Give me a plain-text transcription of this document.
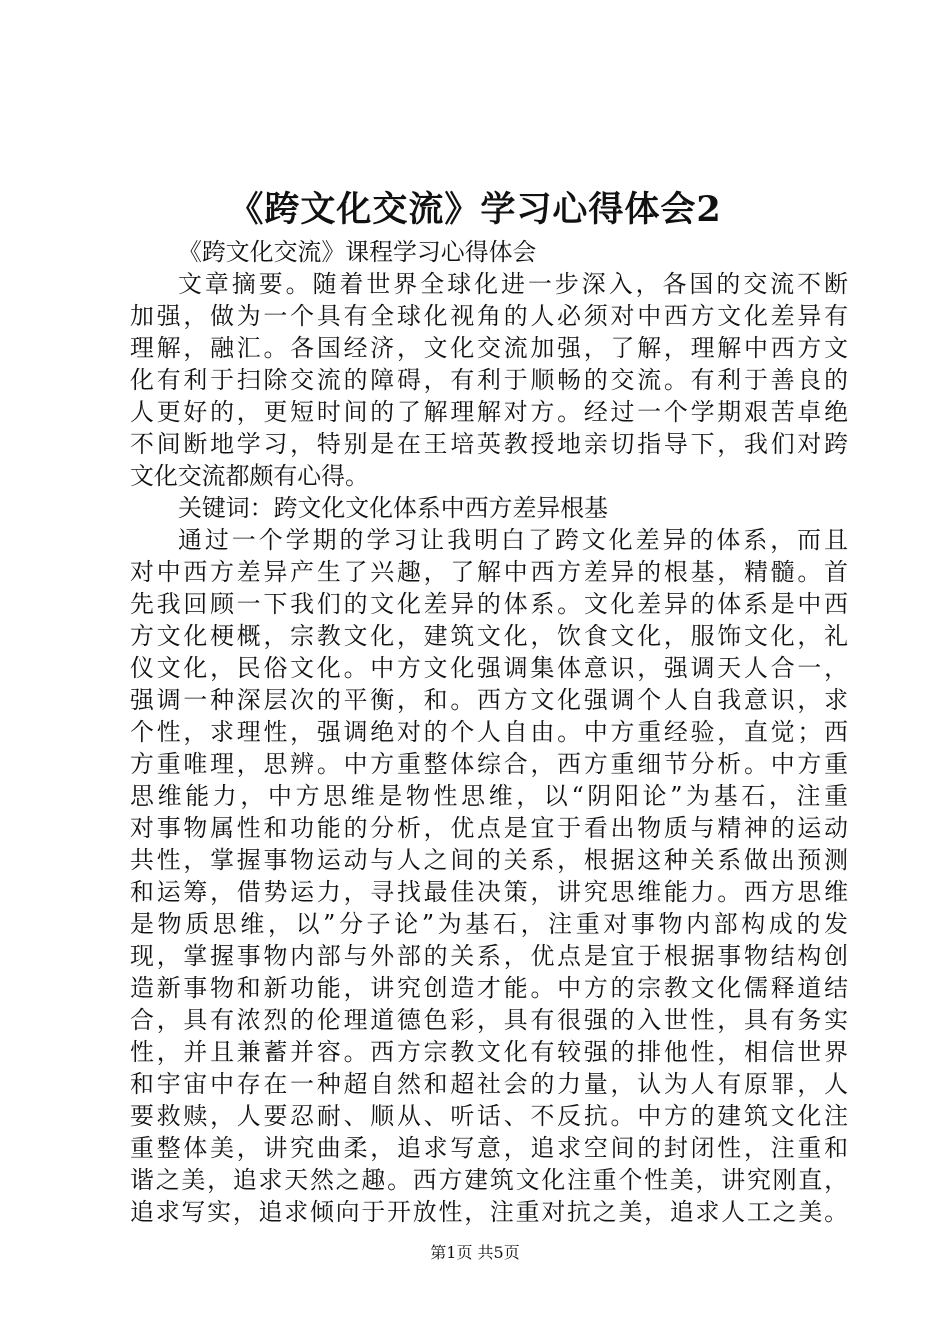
《跨文化交流》学习心得体会2
《跨文化交流》课程学习心得体会
文章摘要。随着世界全球化进一步深入，各国的交流不断
加强，做为一个具有全球化视角的人必须对中西方文化差异有
理解，融汇。各国经济，文化交流加强，了解，理解中西方文
化有利于扫除交流的障碍，有利于顺畅的交流。有利于善良的
人更好的，更短时间的了解理解对方。经过一个学期艰苦卓绝
不间断地学习，特别是在王培英教授地亲切指导下，我们对跨
文化交流都颇有心得。
关键词：跨文化文化体系中西方差异根基
通过一个学期的学习让我明白了跨文化差异的体系，而且
对中西方差异产生了兴趣，了解中西方差异的根基，精髓。首
先我回顾一下我们的文化差异的体系。文化差异的体系是中西
方文化梗概，宗教文化，建筑文化，饮食文化，服饰文化，礼
仪文化，民俗文化。中方文化强调集体意识，强调天人合一，
强调一种深层次的平衡，和。西方文化强调个人自我意识，求
个性，求理性，强调绝对的个人自由。中方重经验，直觉；西
方重唯理，思辨。中方重整体综合，西方重细节分析。中方重
思维能力，中方思维是物性思维，以“阴阳论”为基石，注重
对事物属性和功能的分析，优点是宜于看出物质与精神的运动
共性，掌握事物运动与人之间的关系，根据这种关系做出预测
和运筹，借势运力，寻找最佳决策，讲究思维能力。西方思维
是物质思维，以”分子论”为基石，注重对事物内部构成的发
现，掌握事物内部与外部的关系，优点是宜于根据事物结构创
造新事物和新功能，讲究创造才能。中方的宗教文化儒释道结
合，具有浓烈的伦理道德色彩，具有很强的入世性，具有务实
性，并且兼蓄并容。西方宗教文化有较强的排他性，相信世界
和宇宙中存在一种超自然和超社会的力量，认为人有原罪，人
要救赎，人要忍耐、顺从、听话、不反抗。中方的建筑文化注
重整体美，讲究曲柔，追求写意，追求空间的封闭性，注重和
谐之美，追求天然之趣。西方建筑文化注重个性美，讲究刚直，
追求写实，追求倾向于开放性，注重对抗之美，追求人工之美。
第1页 共5页
